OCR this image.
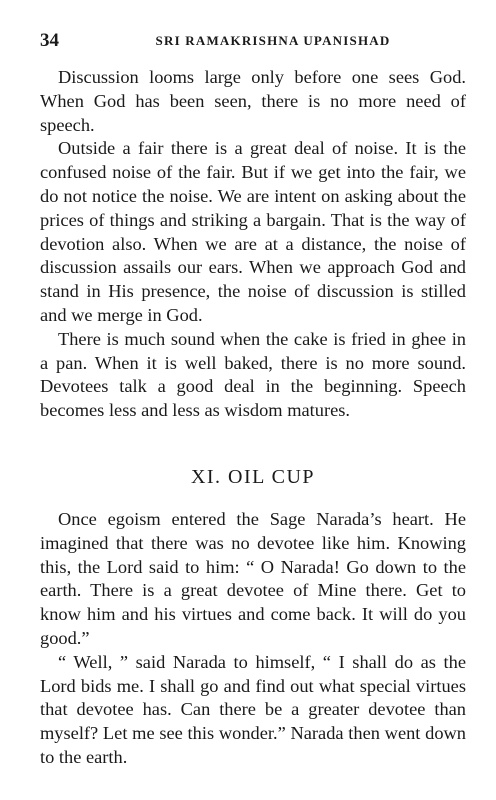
34	SRI RAMAKRISHNA UPANISHAD

Discussion looms large only before one sees God. When God has been seen, there is no more need of speech.

Outside a fair there is a great deal of noise. It is the confused noise of the fair. But if we get into the fair, we do not notice the noise. We are intent on asking about the prices of things and striking a bargain. That is the way of devotion also. When we are at a distance, the noise of discussion assails our ears. When we approach God and stand in His presence, the noise of discussion is stilled and we merge in God.

There is much sound when the cake is fried in ghee in a pan. When it is well baked, there is no more sound. Devotees talk a good deal in the beginning. Speech becomes less and less as wisdom matures.

XI. OIL CUP

Once egoism entered the Sage Narada’s heart. He imagined that there was no devotee like him. Knowing this, the Lord said to him: “ O Narada! Go down to the earth. There is a great devotee of Mine there. Get to know him and his virtues and come back. It will do you good.”

“ Well, ” said Narada to himself, “ I shall do as the Lord bids me. I shall go and find out what special virtues that devotee has. Can there be a greater devotee than myself? Let me see this wonder.” Narada then went down to the earth.
